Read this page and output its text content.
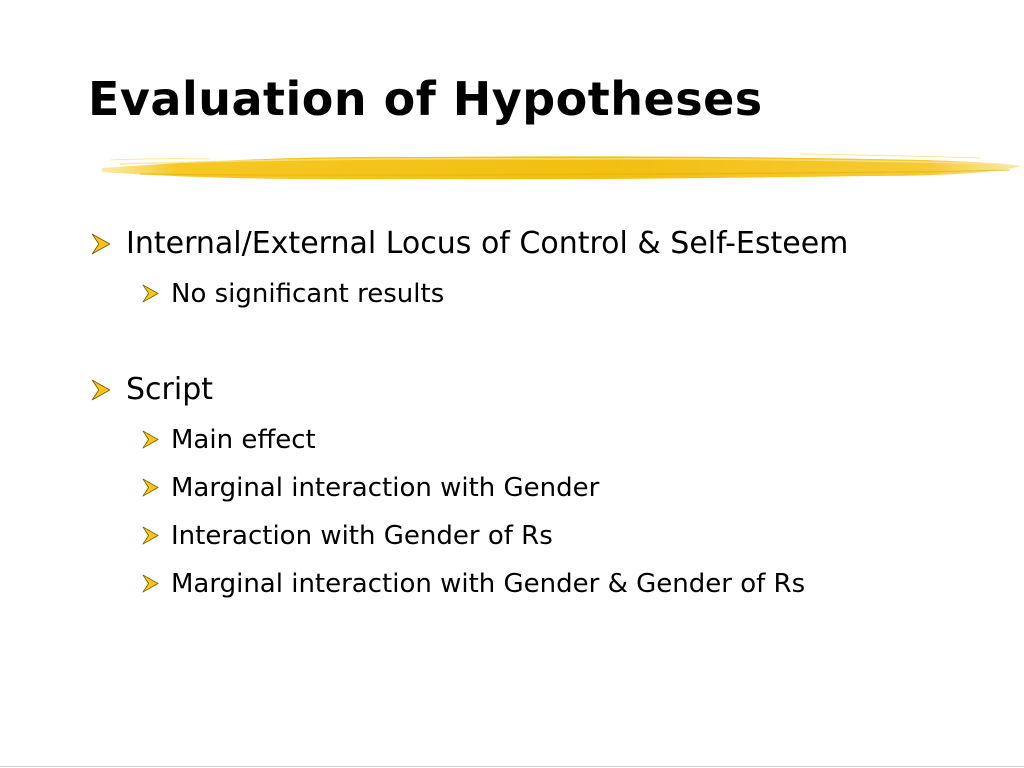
Evaluation of Hypotheses
Internal/External Locus of Control & Self-Esteem
No significant results
Script
Main effect
Marginal interaction with Gender
Interaction with Gender of Rs
Marginal interaction with Gender & Gender of Rs
